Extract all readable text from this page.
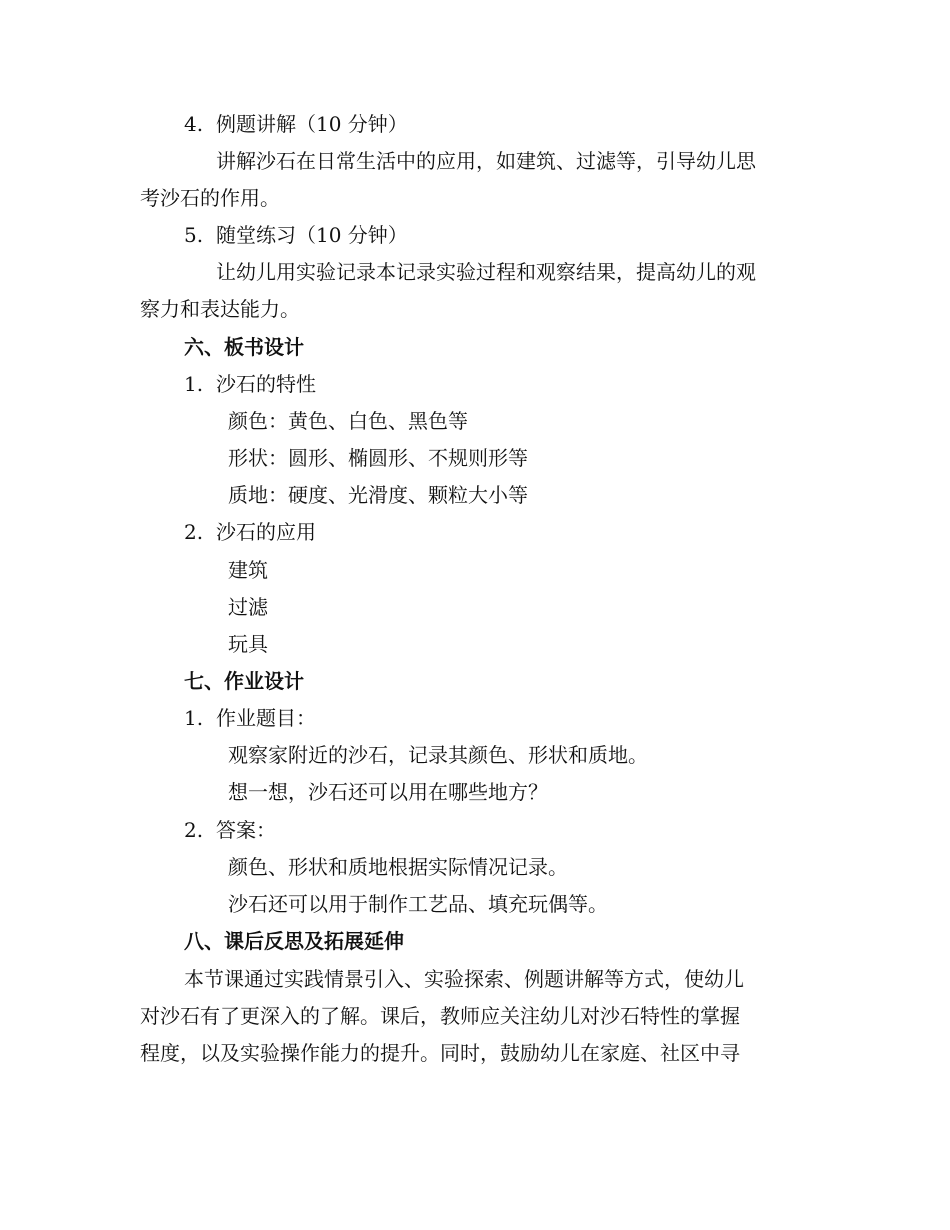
4. 例题讲解（10 分钟）
讲解沙石在日常生活中的应用，如建筑、过滤等，引导幼儿思
考沙石的作用。
5. 随堂练习（10 分钟）
让幼儿用实验记录本记录实验过程和观察结果，提高幼儿的观
察力和表达能力。
六、板书设计
1. 沙石的特性
颜色：黄色、白色、黑色等
形状：圆形、椭圆形、不规则形等
质地：硬度、光滑度、颗粒大小等
2. 沙石的应用
建筑
过滤
玩具
七、作业设计
1. 作业题目：
观察家附近的沙石，记录其颜色、形状和质地。
想一想，沙石还可以用在哪些地方？
2. 答案：
颜色、形状和质地根据实际情况记录。
沙石还可以用于制作工艺品、填充玩偶等。
八、课后反思及拓展延伸
本节课通过实践情景引入、实验探索、例题讲解等方式，使幼儿
对沙石有了更深入的了解。课后，教师应关注幼儿对沙石特性的掌握
程度，以及实验操作能力的提升。同时，鼓励幼儿在家庭、社区中寻
